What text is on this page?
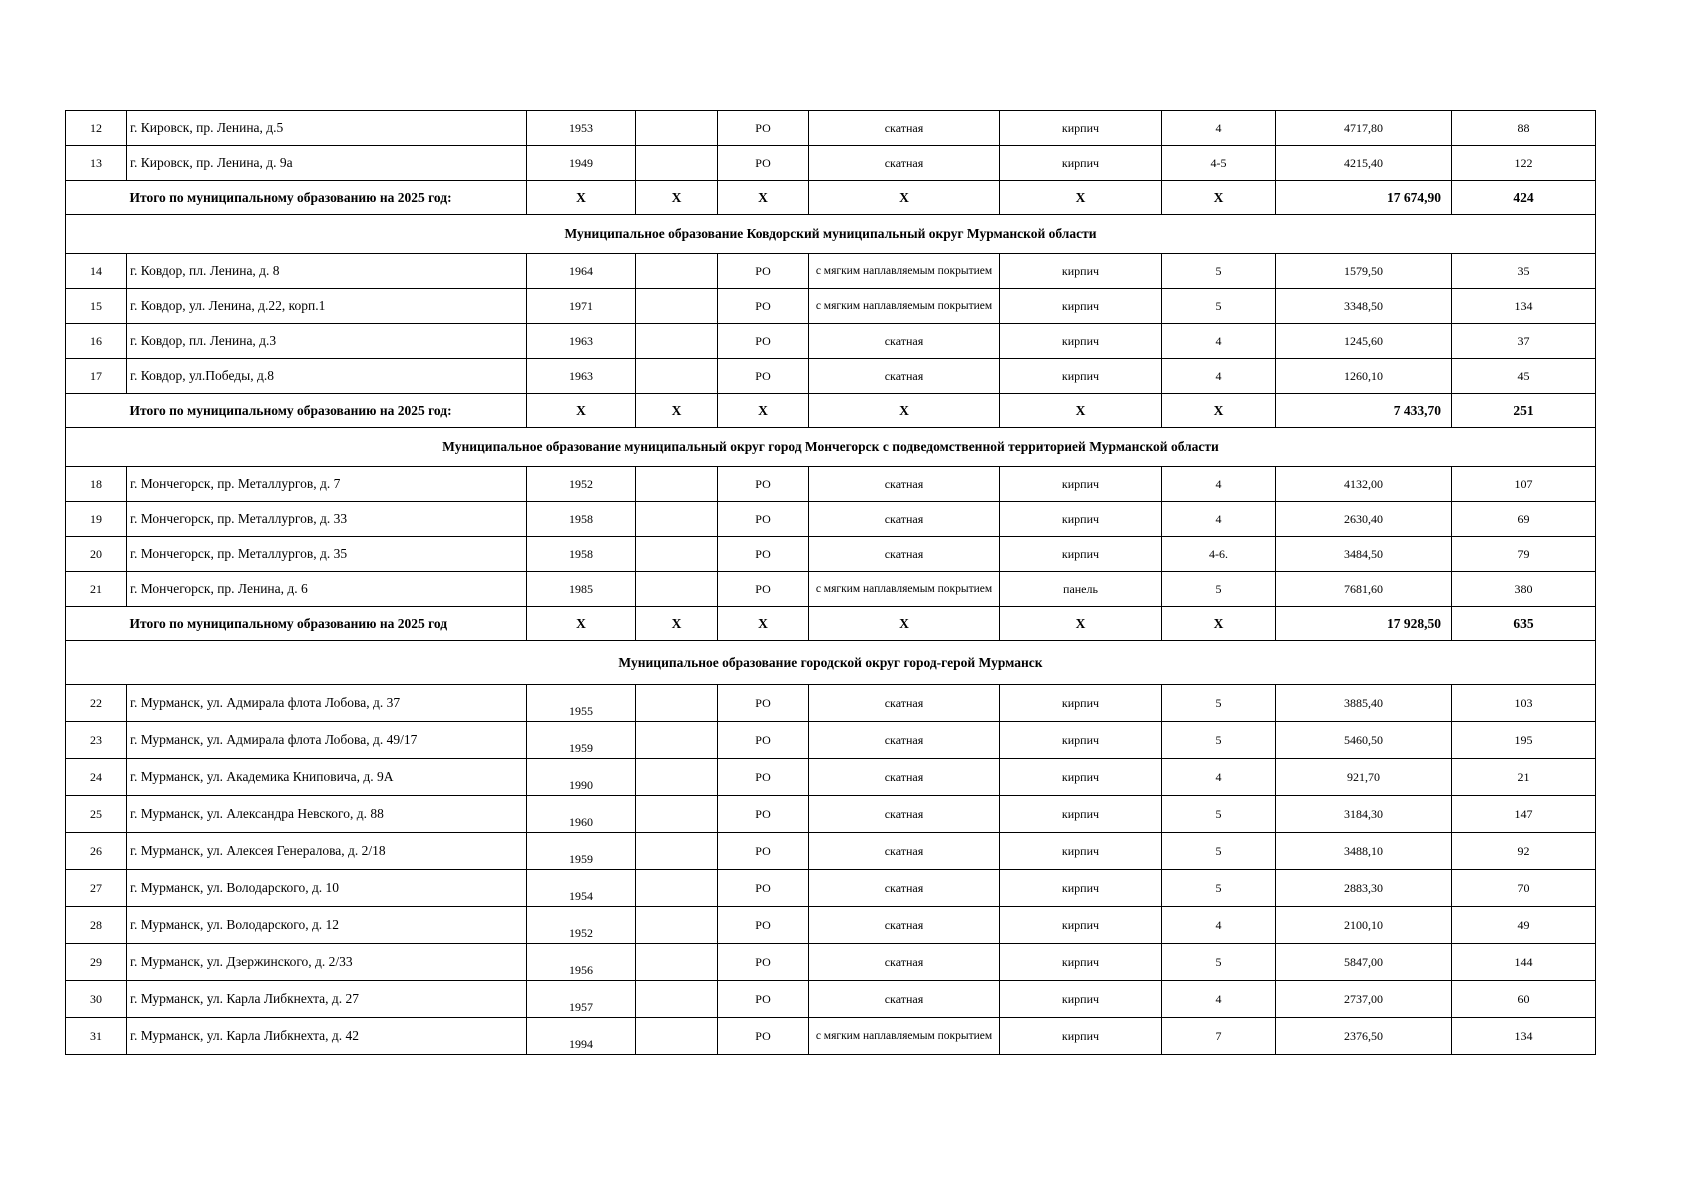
12	г. Кировск, пр. Ленина, д.5	1953		РО	скатная	кирпич	4	4717,80	88
13	г. Кировск, пр. Ленина, д. 9а	1949		РО	скатная	кирпич	4-5	4215,40	122
	Итого по муниципальному образованию на 2025 год:	Х	Х	Х	Х	Х	Х	17 674,90	424
Муниципальное образование Ковдорский муниципальный округ Мурманской области									
14	г. Ковдор, пл. Ленина, д. 8	1964		РО	с мягким наплавляемым покрытием	кирпич	5	1579,50	35
15	г. Ковдор, ул. Ленина, д.22, корп.1	1971		РО	с мягким наплавляемым покрытием	кирпич	5	3348,50	134
16	г. Ковдор, пл. Ленина, д.3	1963		РО	скатная	кирпич	4	1245,60	37
17	г. Ковдор, ул.Победы, д.8	1963		РО	скатная	кирпич	4	1260,10	45
	Итого по муниципальному образованию на 2025 год:	Х	Х	Х	Х	Х	Х	7 433,70	251
Муниципальное образование муниципальный округ город Мончегорск с подведомственной территорией Мурманской области									
18	г. Мончегорск, пр. Металлургов, д. 7	1952		РО	скатная	кирпич	4	4132,00	107
19	г. Мончегорск, пр. Металлургов, д. 33	1958		РО	скатная	кирпич	4	2630,40	69
20	г. Мончегорск, пр. Металлургов, д. 35	1958		РО	скатная	кирпич	4-6.	3484,50	79
21	г. Мончегорск, пр. Ленина, д. 6	1985		РО	с мягким наплавляемым покрытием	панель	5	7681,60	380
	Итого по муниципальному образованию на 2025 год	Х	Х	Х	Х	Х	Х	17 928,50	635
Муниципальное образование городской округ город-герой Мурманск									
22	г. Мурманск, ул. Адмирала флота Лобова, д. 37	1955		РО	скатная	кирпич	5	3885,40	103
23	г. Мурманск, ул. Адмирала флота Лобова, д. 49/17	1959		РО	скатная	кирпич	5	5460,50	195
24	г. Мурманск, ул. Академика Книповича, д. 9А	1990		РО	скатная	кирпич	4	921,70	21
25	г. Мурманск, ул. Александра Невского, д. 88	1960		РО	скатная	кирпич	5	3184,30	147
26	г. Мурманск, ул. Алексея Генералова, д. 2/18	1959		РО	скатная	кирпич	5	3488,10	92
27	г. Мурманск, ул. Володарского, д. 10	1954		РО	скатная	кирпич	5	2883,30	70
28	г. Мурманск, ул. Володарского, д. 12	1952		РО	скатная	кирпич	4	2100,10	49
29	г. Мурманск, ул. Дзержинского, д. 2/33	1956		РО	скатная	кирпич	5	5847,00	144
30	г. Мурманск, ул. Карла Либкнехта, д. 27	1957		РО	скатная	кирпич	4	2737,00	60
31	г. Мурманск, ул. Карла Либкнехта, д. 42	1994		РО	с мягким наплавляемым покрытием	кирпич	7	2376,50	134
